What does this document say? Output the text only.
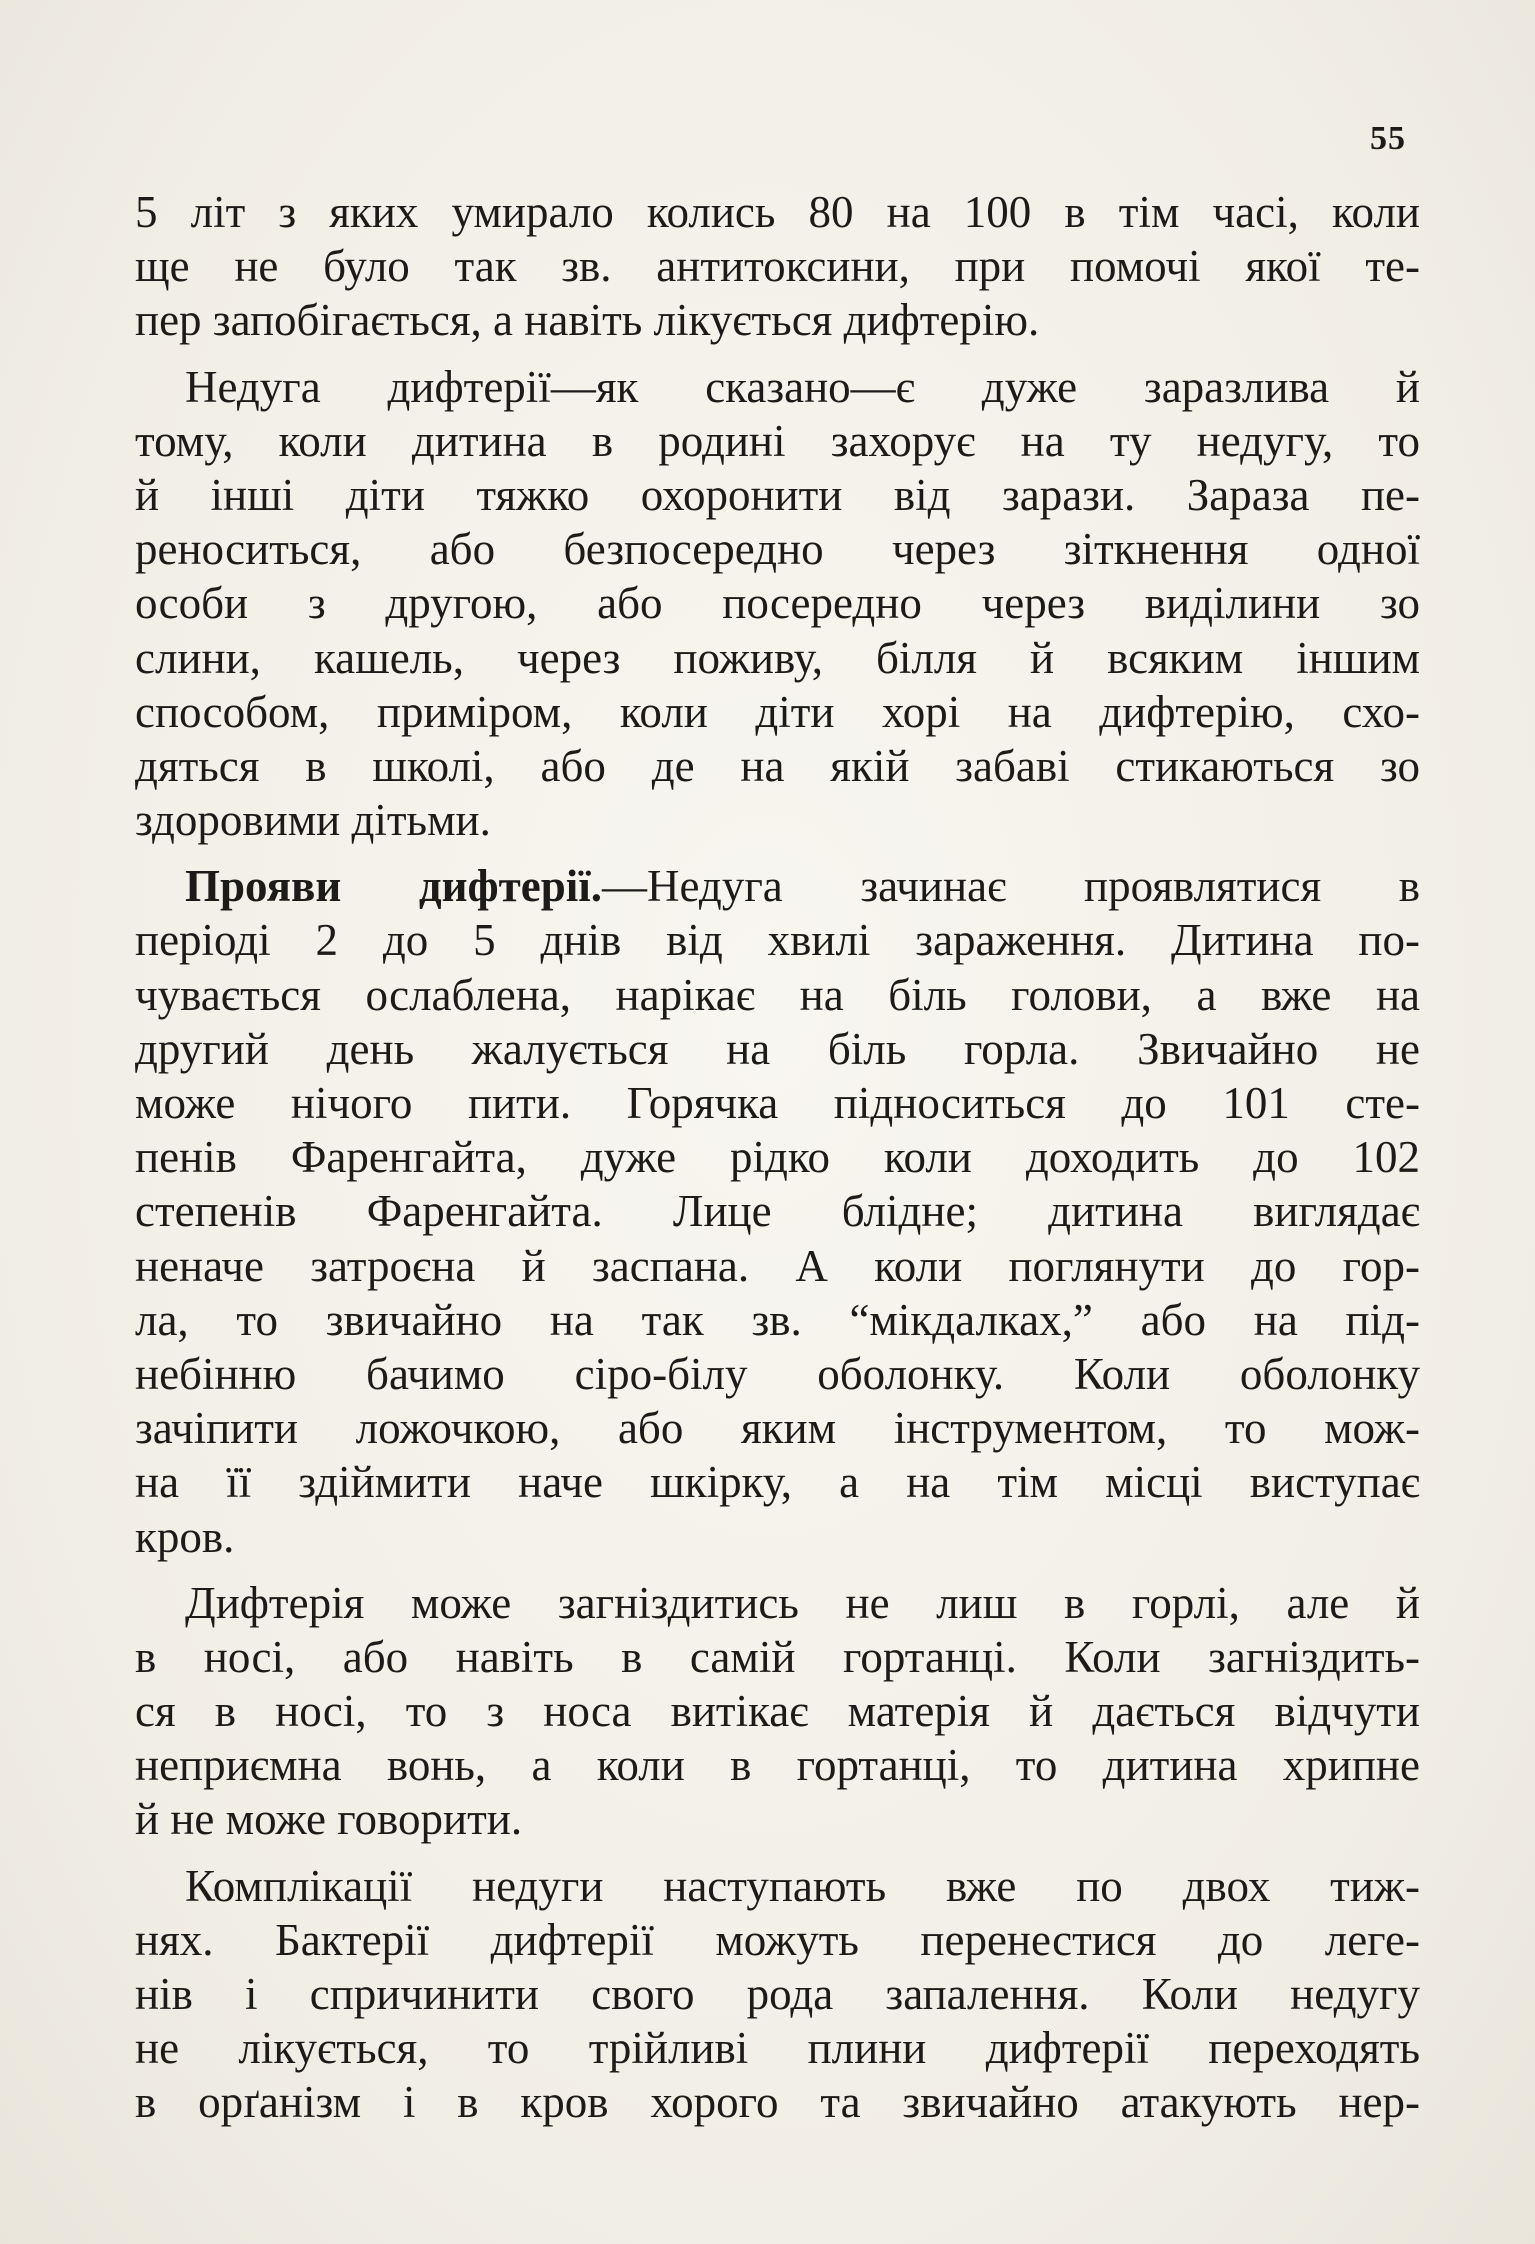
55
5 літ з яких умирало колись 80 на 100 в тім часі, коли
ще не було так зв. антитоксини, при помочі якої те-
пер запобігається, а навіть лікується дифтерію.
Недуга дифтерії—як сказано—є дуже заразлива й
тому, коли дитина в родині захорує на ту недугу, то
й інші діти тяжко охоронити від зарази. Зараза пе-
реноситься, або безпосередно через зіткнення одної
особи з другою, або посередно через виділини зо
слини, кашель, через поживу, білля й всяким іншим
способом, приміром, коли діти хорі на дифтерію, схо-
дяться в школі, або де на якій забаві стикаються зо
здоровими дітьми.
Прояви дифтерії.—Недуга зачинає проявлятися в
періоді 2 до 5 днів від хвилі зараження. Дитина по-
чувається ослаблена, нарікає на біль голови, а вже на
другий день жалується на біль горла. Звичайно не
може нічого пити. Горячка підноситься до 101 сте-
пенів Фаренгайта, дуже рідко коли доходить до 102
степенів Фаренгайта. Лице бліднe; дитина виглядає
неначе затроєна й заспана. А коли поглянути до гор-
ла, то звичайно на так зв. “мікдалках,” або на під-
небінню бачимо сіро-білу оболонку. Коли оболонку
зачіпити ложочкою, або яким інструментом, то мож-
на її здіймити наче шкірку, а на тім місці виступає
кров.
Дифтерія може загніздитись не лиш в горлі, але й
в носі, або навіть в самій гортанці. Коли загніздить-
ся в носі, то з носа витікає матерія й дається відчути
неприємна вонь, а коли в гортанці, то дитина хрипне
й не може говорити.
Комплікації недуги наступають вже по двох тиж-
нях. Бактерії дифтерії можуть перенестися до леге-
нів і спричинити свого рода запалення. Коли недугу
не лікується, то трійливі плини дифтерії переходять
в орґанізм і в кров хорого та звичайно атакують нер-
